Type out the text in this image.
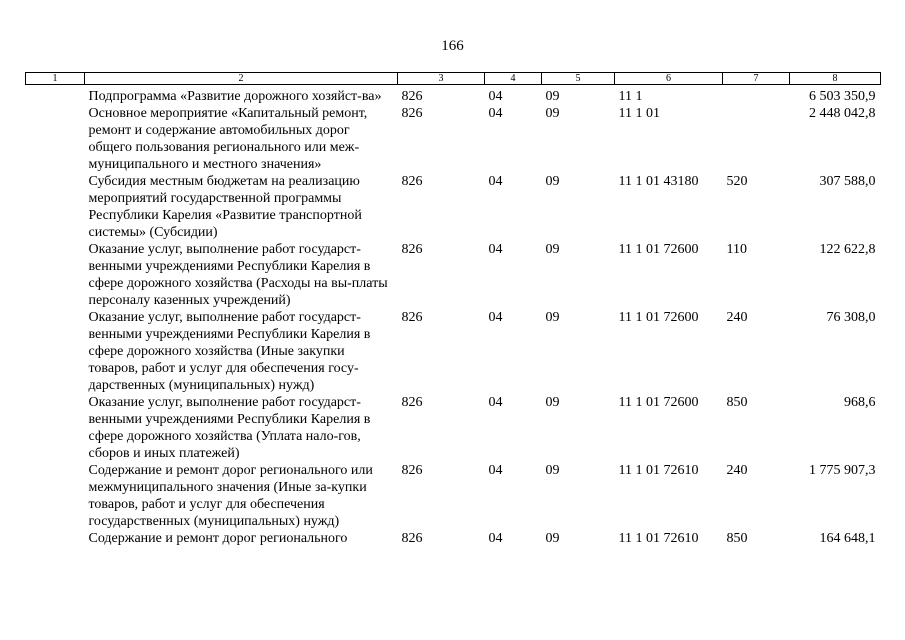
166
1	2	3	4	5	6	7	8
	Подпрограмма «Развитие дорожного хозяйст-ва»	826	04	09	11 1		6 503 350,9
	Основное мероприятие «Капитальный ремонт, ремонт и содержание автомобильных дорог общего пользования регионального или меж-муниципального и местного значения»	826	04	09	11 1 01		2 448 042,8
	Субсидия местным бюджетам на реализацию мероприятий государственной программы Республики Карелия «Развитие транспортной системы» (Субсидии)	826	04	09	11 1 01 43180	520	307 588,0
	Оказание услуг, выполнение работ государст-венными учреждениями Республики Карелия в сфере дорожного хозяйства (Расходы на вы-платы персоналу казенных учреждений)	826	04	09	11 1 01 72600	110	122 622,8
	Оказание услуг, выполнение работ государст-венными учреждениями Республики Карелия в сфере дорожного хозяйства (Иные закупки товаров, работ и услуг для обеспечения госу-дарственных (муниципальных) нужд)	826	04	09	11 1 01 72600	240	76 308,0
	Оказание услуг, выполнение работ государст-венными учреждениями Республики Карелия в сфере дорожного хозяйства (Уплата нало-гов, сборов и иных платежей)	826	04	09	11 1 01 72600	850	968,6
	Содержание и ремонт дорог регионального или межмуниципального значения (Иные за-купки товаров, работ и услуг для обеспечения государственных (муниципальных) нужд)	826	04	09	11 1 01 72610	240	1 775 907,3
	Содержание и ремонт дорог регионального	826	04	09	11 1 01 72610	850	164 648,1
